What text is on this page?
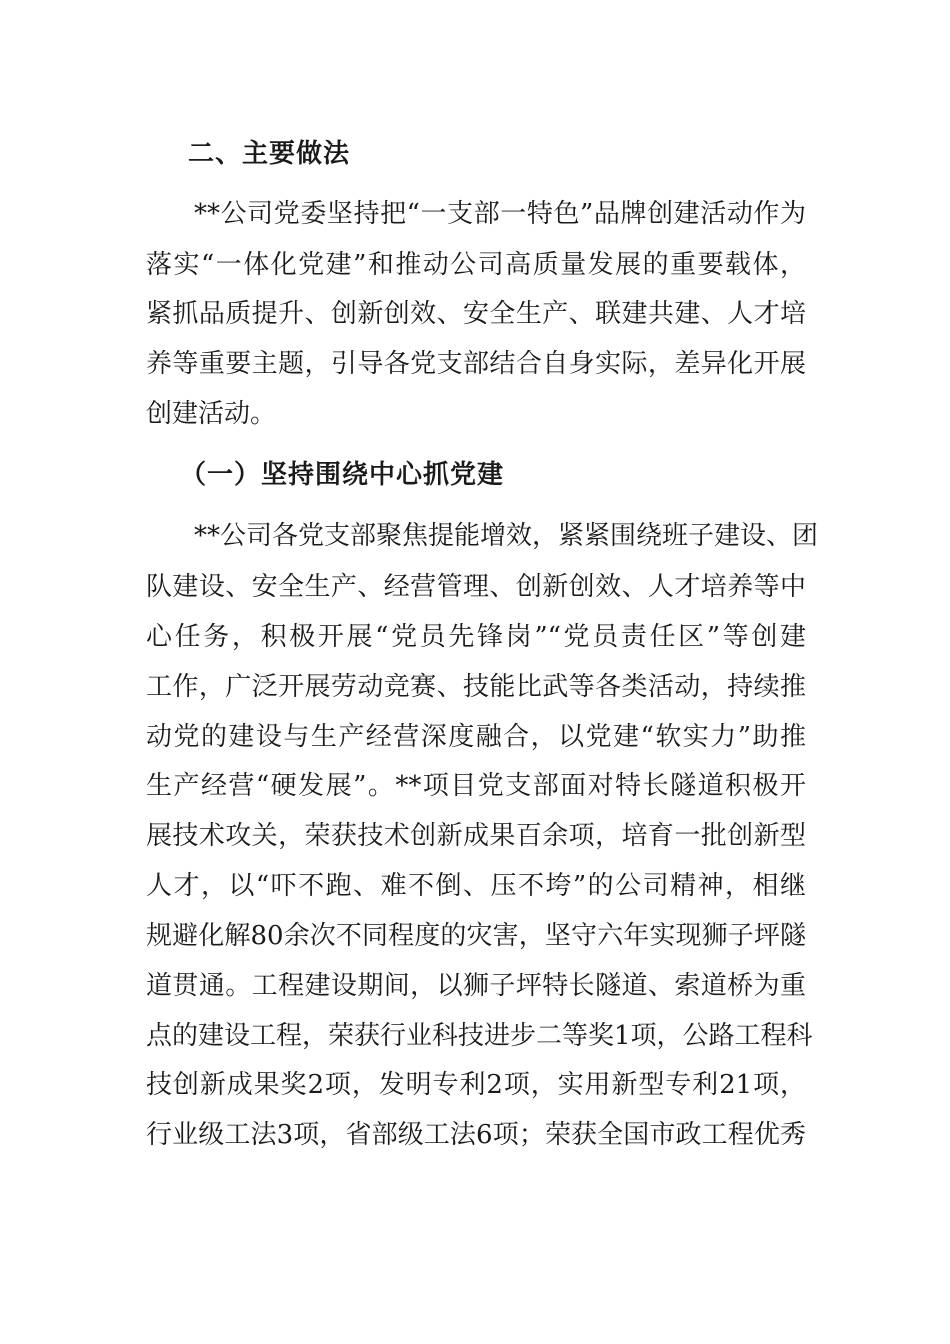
二、主要做法
**公司党委坚持把“一支部一特色”品牌创建活动作为
落实“一体化党建”和推动公司高质量发展的重要载体，
紧抓品质提升、创新创效、安全生产、联建共建、人才培
养等重要主题，引导各党支部结合自身实际，差异化开展
创建活动。
（一）坚持围绕中心抓党建
**公司各党支部聚焦提能增效，紧紧围绕班子建设、团
队建设、安全生产、经营管理、创新创效、人才培养等中
心任务，积极开展“党员先锋岗”“党员责任区”等创建
工作，广泛开展劳动竞赛、技能比武等各类活动，持续推
动党的建设与生产经营深度融合，以党建“软实力”助推
生产经营“硬发展”。**项目党支部面对特长隧道积极开
展技术攻关，荣获技术创新成果百余项，培育一批创新型
人才，以“吓不跑、难不倒、压不垮”的公司精神，相继
规避化解80余次不同程度的灾害，坚守六年实现狮子坪隧
道贯通。工程建设期间，以狮子坪特长隧道、索道桥为重
点的建设工程，荣获行业科技进步二等奖1项，公路工程科
技创新成果奖2项，发明专利2项，实用新型专利21项，
行业级工法3项，省部级工法6项；荣获全国市政工程优秀
